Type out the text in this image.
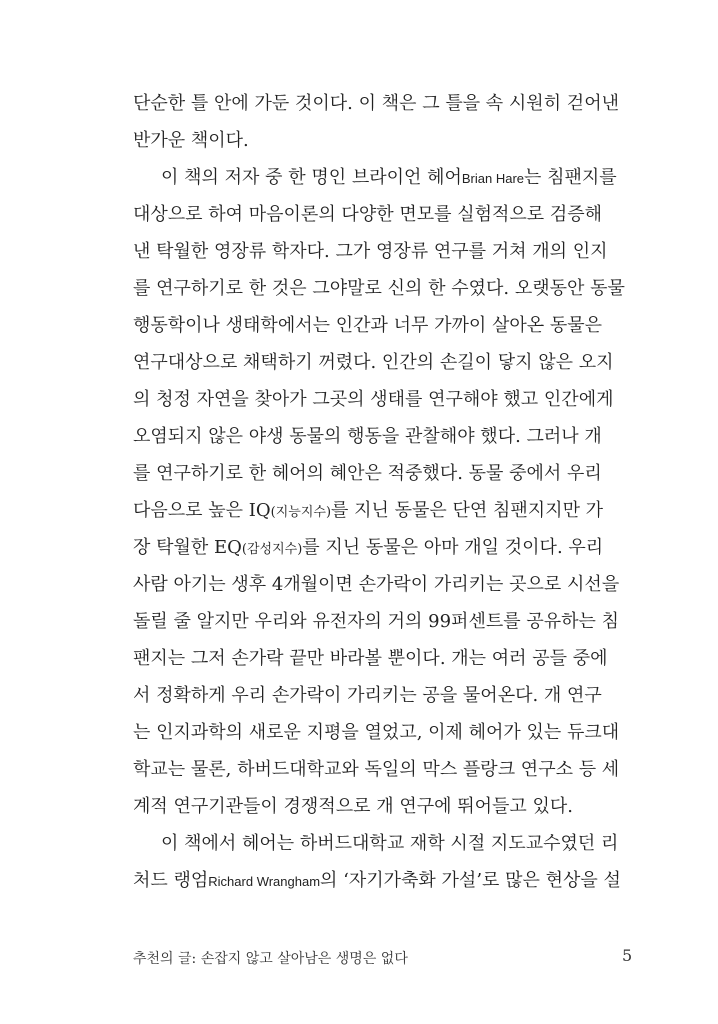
단순한 틀 안에 가둔 것이다. 이 책은 그 틀을 속 시원히 걷어낸
반가운 책이다.
이 책의 저자 중 한 명인 브라이언 헤어Brian Hare는 침팬지를
대상으로 하여 마음이론의 다양한 면모를 실험적으로 검증해
낸 탁월한 영장류 학자다. 그가 영장류 연구를 거쳐 개의 인지
를 연구하기로 한 것은 그야말로 신의 한 수였다. 오랫동안 동물
행동학이나 생태학에서는 인간과 너무 가까이 살아온 동물은
연구대상으로 채택하기 꺼렸다. 인간의 손길이 닿지 않은 오지
의 청정 자연을 찾아가 그곳의 생태를 연구해야 했고 인간에게
오염되지 않은 야생 동물의 행동을 관찰해야 했다. 그러나 개
를 연구하기로 한 헤어의 혜안은 적중했다. 동물 중에서 우리
다음으로 높은 IQ(지능지수)를 지닌 동물은 단연 침팬지지만 가
장 탁월한 EQ(감성지수)를 지닌 동물은 아마 개일 것이다. 우리
사람 아기는 생후 4개월이면 손가락이 가리키는 곳으로 시선을
돌릴 줄 알지만 우리와 유전자의 거의 99퍼센트를 공유하는 침
팬지는 그저 손가락 끝만 바라볼 뿐이다. 개는 여러 공들 중에
서 정확하게 우리 손가락이 가리키는 공을 물어온다. 개 연구
는 인지과학의 새로운 지평을 열었고, 이제 헤어가 있는 듀크대
학교는 물론, 하버드대학교와 독일의 막스 플랑크 연구소 등 세
계적 연구기관들이 경쟁적으로 개 연구에 뛰어들고 있다.
이 책에서 헤어는 하버드대학교 재학 시절 지도교수였던 리
처드 랭엄Richard Wrangham의 ‘자기가축화 가설’로 많은 현상을 설
추천의 글: 손잡지 않고 살아남은 생명은 없다	5
